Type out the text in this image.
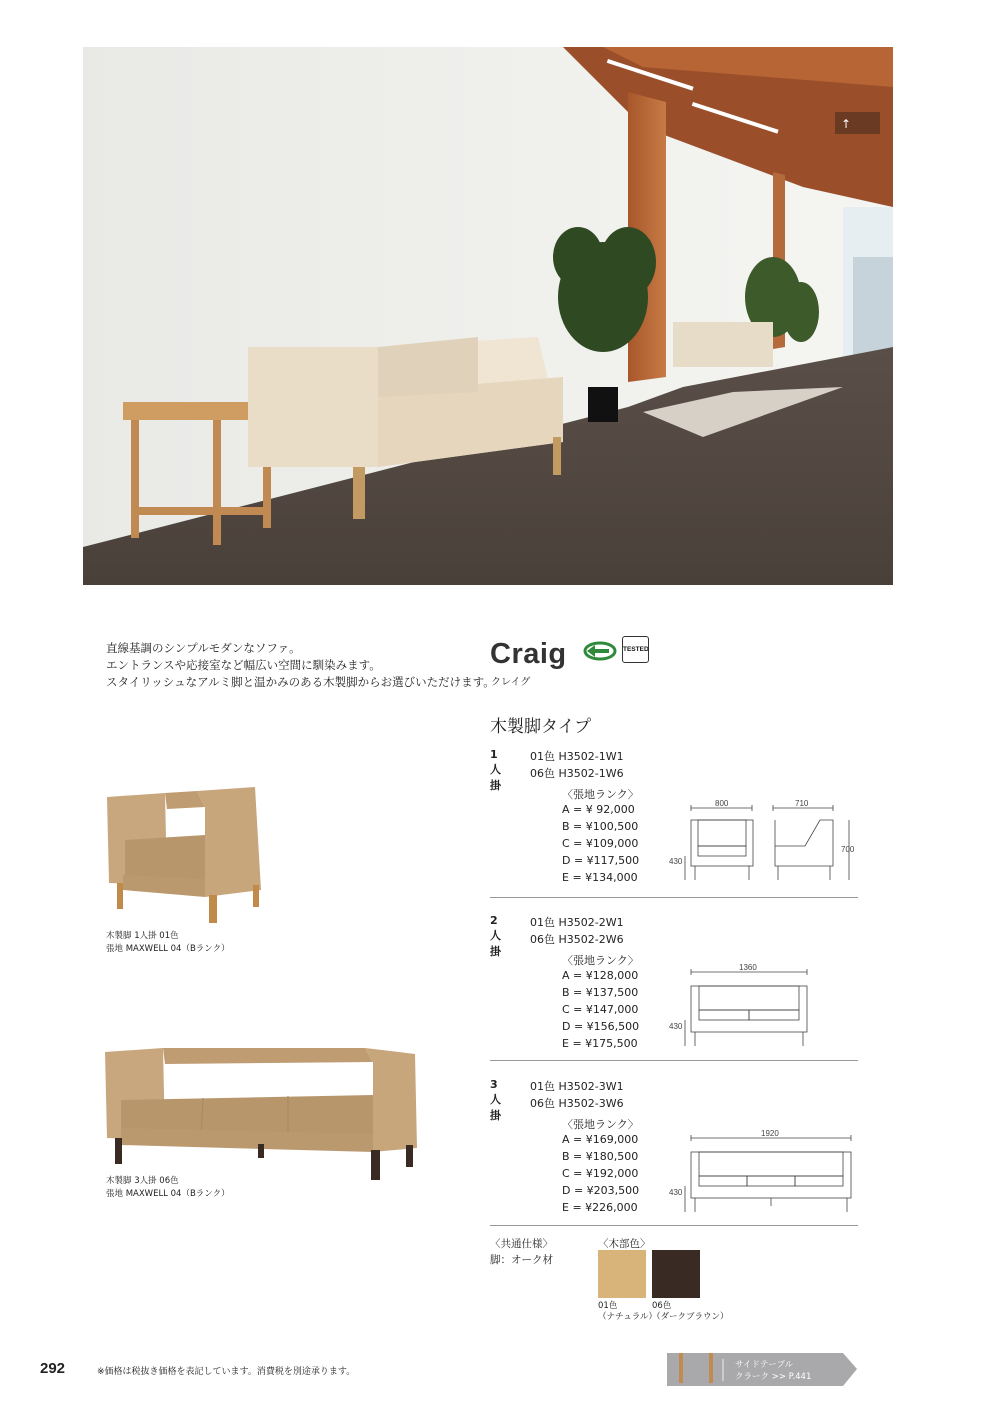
↑
直線基調のシンプルモダンなソファ。
エントランスや応接室など幅広い空間に馴染みます。
スタイリッシュなアルミ脚と温かみのある木製脚からお選びいただけます。
Craig
クレイグ
TESTED
木製脚タイプ
1人掛
01色 H3502-1W1
06色 H3502-1W6
〈張地ランク〉
A = ¥ 92,000
B = ¥100,500
C = ¥109,000
D = ¥117,500
E = ¥134,000
800	710
700
430
2人掛
01色 H3502-2W1
06色 H3502-2W6
〈張地ランク〉
A = ¥128,000
B = ¥137,500
C = ¥147,000
D = ¥156,500
E = ¥175,500
1360
430
3人掛
01色 H3502-3W1
06色 H3502-3W6
〈張地ランク〉
A = ¥169,000
B = ¥180,500
C = ¥192,000
D = ¥203,500
E = ¥226,000
1920
430
木製脚 1人掛 01色
張地 MAXWELL 04（Bランク）
木製脚 3人掛 06色
張地 MAXWELL 04（Bランク）
〈共通仕様〉
脚：オーク材
〈木部色〉
01色
（ナチュラル）
06色
（ダークブラウン）
292	※価格は税抜き価格を表記しています。消費税を別途承ります。
サイドテーブル
クラーク >> P.441
